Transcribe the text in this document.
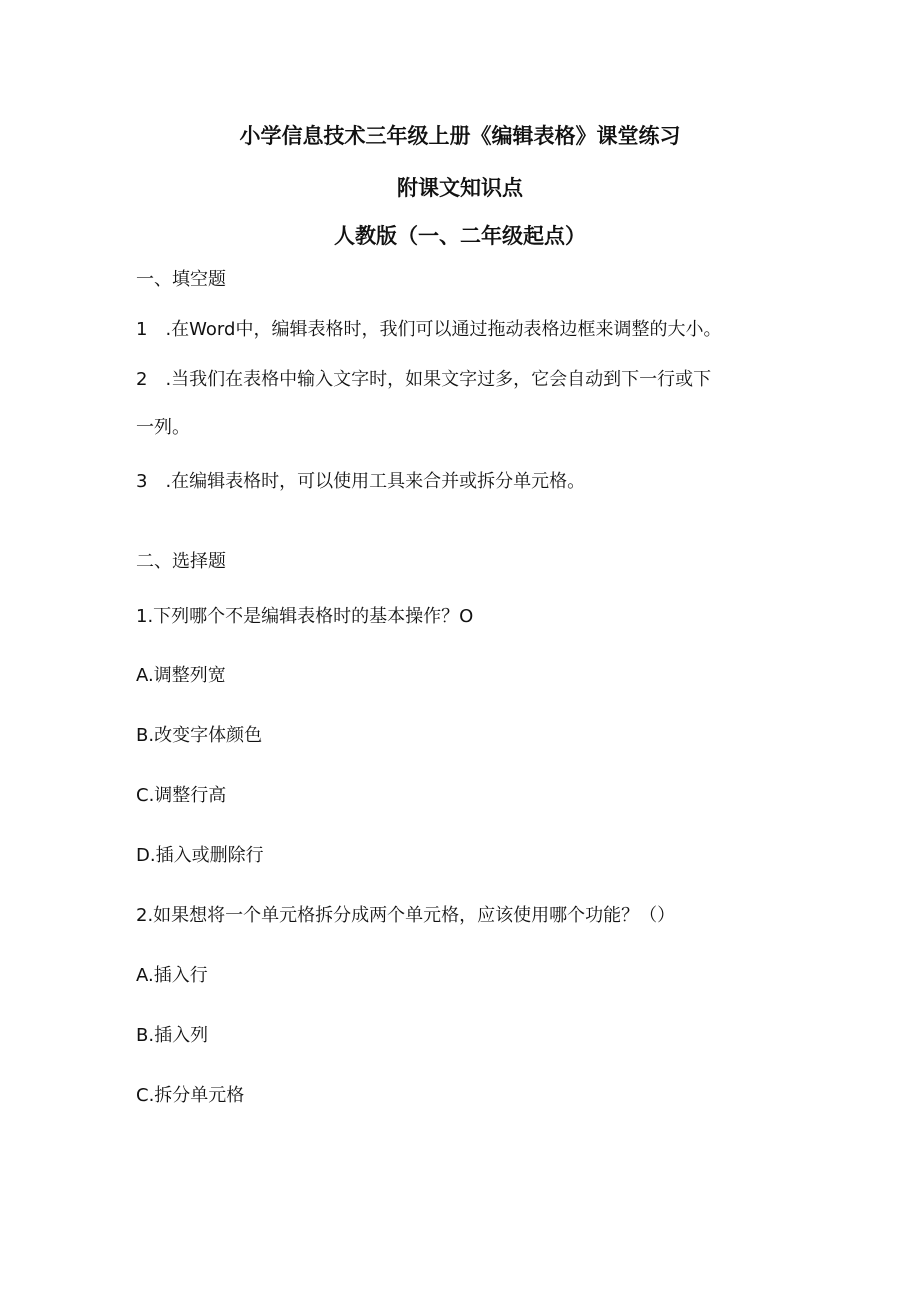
小学信息技术三年级上册《编辑表格》课堂练习
附课文知识点
人教版（一、二年级起点）
一、填空题
1 .在Word中，编辑表格时，我们可以通过拖动表格边框来调整的大小。
2 .当我们在表格中输入文字时，如果文字过多，它会自动到下一行或下
一列。
3 .在编辑表格时，可以使用工具来合并或拆分单元格。
二、选择题
1.下列哪个不是编辑表格时的基本操作？O
A.调整列宽
B.改变字体颜色
C.调整行高
D.插入或删除行
2.如果想将一个单元格拆分成两个单元格，应该使用哪个功能？（）
A.插入行
B.插入列
C.拆分单元格
